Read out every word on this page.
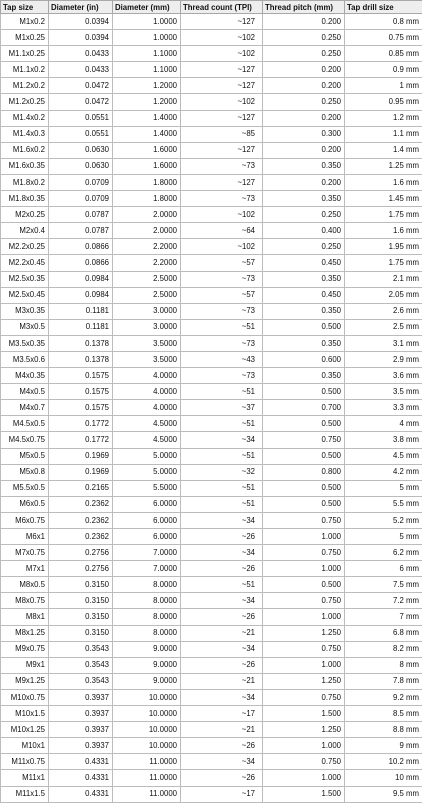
Tap size	Diameter (in)	Diameter (mm)	Thread count (TPI)	Thread pitch (mm)	Tap drill size
M1x0.2	0.0394	1.0000	~127	0.200	0.8 mm
M1x0.25	0.0394	1.0000	~102	0.250	0.75 mm
M1.1x0.25	0.0433	1.1000	~102	0.250	0.85 mm
M1.1x0.2	0.0433	1.1000	~127	0.200	0.9 mm
M1.2x0.2	0.0472	1.2000	~127	0.200	1 mm
M1.2x0.25	0.0472	1.2000	~102	0.250	0.95 mm
M1.4x0.2	0.0551	1.4000	~127	0.200	1.2 mm
M1.4x0.3	0.0551	1.4000	~85	0.300	1.1 mm
M1.6x0.2	0.0630	1.6000	~127	0.200	1.4 mm
M1.6x0.35	0.0630	1.6000	~73	0.350	1.25 mm
M1.8x0.2	0.0709	1.8000	~127	0.200	1.6 mm
M1.8x0.35	0.0709	1.8000	~73	0.350	1.45 mm
M2x0.25	0.0787	2.0000	~102	0.250	1.75 mm
M2x0.4	0.0787	2.0000	~64	0.400	1.6 mm
M2.2x0.25	0.0866	2.2000	~102	0.250	1.95 mm
M2.2x0.45	0.0866	2.2000	~57	0.450	1.75 mm
M2.5x0.35	0.0984	2.5000	~73	0.350	2.1 mm
M2.5x0.45	0.0984	2.5000	~57	0.450	2.05 mm
M3x0.35	0.1181	3.0000	~73	0.350	2.6 mm
M3x0.5	0.1181	3.0000	~51	0.500	2.5 mm
M3.5x0.35	0.1378	3.5000	~73	0.350	3.1 mm
M3.5x0.6	0.1378	3.5000	~43	0.600	2.9 mm
M4x0.35	0.1575	4.0000	~73	0.350	3.6 mm
M4x0.5	0.1575	4.0000	~51	0.500	3.5 mm
M4x0.7	0.1575	4.0000	~37	0.700	3.3 mm
M4.5x0.5	0.1772	4.5000	~51	0.500	4 mm
M4.5x0.75	0.1772	4.5000	~34	0.750	3.8 mm
M5x0.5	0.1969	5.0000	~51	0.500	4.5 mm
M5x0.8	0.1969	5.0000	~32	0.800	4.2 mm
M5.5x0.5	0.2165	5.5000	~51	0.500	5 mm
M6x0.5	0.2362	6.0000	~51	0.500	5.5 mm
M6x0.75	0.2362	6.0000	~34	0.750	5.2 mm
M6x1	0.2362	6.0000	~26	1.000	5 mm
M7x0.75	0.2756	7.0000	~34	0.750	6.2 mm
M7x1	0.2756	7.0000	~26	1.000	6 mm
M8x0.5	0.3150	8.0000	~51	0.500	7.5 mm
M8x0.75	0.3150	8.0000	~34	0.750	7.2 mm
M8x1	0.3150	8.0000	~26	1.000	7 mm
M8x1.25	0.3150	8.0000	~21	1.250	6.8 mm
M9x0.75	0.3543	9.0000	~34	0.750	8.2 mm
M9x1	0.3543	9.0000	~26	1.000	8 mm
M9x1.25	0.3543	9.0000	~21	1.250	7.8 mm
M10x0.75	0.3937	10.0000	~34	0.750	9.2 mm
M10x1.5	0.3937	10.0000	~17	1.500	8.5 mm
M10x1.25	0.3937	10.0000	~21	1.250	8.8 mm
M10x1	0.3937	10.0000	~26	1.000	9 mm
M11x0.75	0.4331	11.0000	~34	0.750	10.2 mm
M11x1	0.4331	11.0000	~26	1.000	10 mm
M11x1.5	0.4331	11.0000	~17	1.500	9.5 mm
